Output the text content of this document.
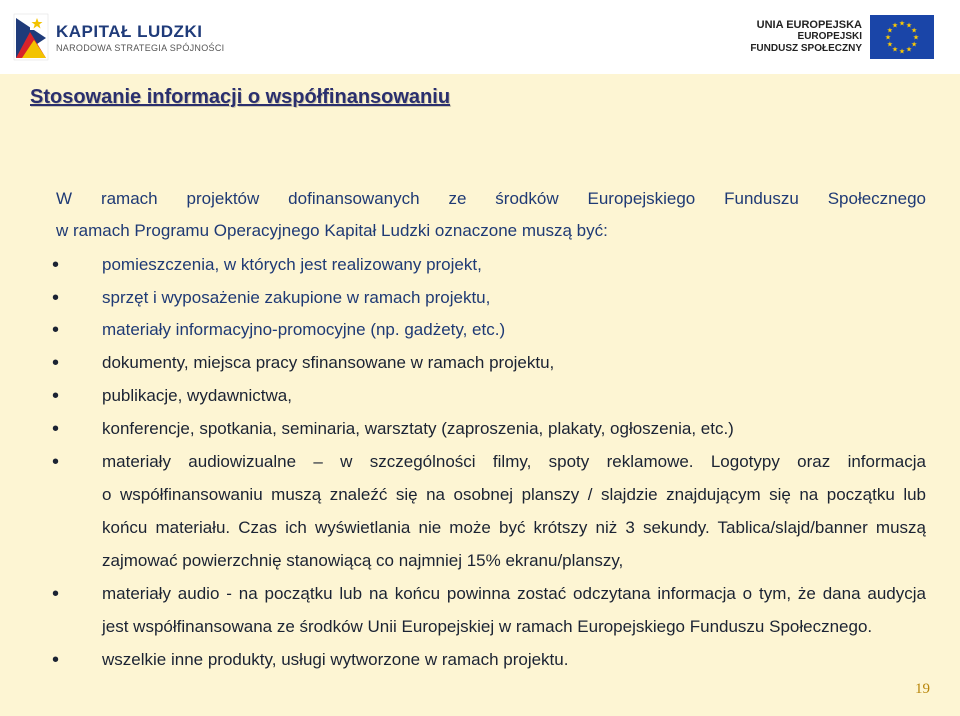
KAPITAŁ LUDZKI
NARODOWA STRATEGIA SPÓJNOŚCI
UNIA EUROPEJSKA
EUROPEJSKI
FUNDUSZ SPOŁECZNY
★ ★
★
★
★
★
★
★
★
★
★
★
Stosowanie informacji o współfinansowaniu
W ramach projektów dofinansowanych ze środków Europejskiego Funduszu Społecznego
w ramach Programu Operacyjnego Kapitał Ludzki oznaczone muszą być:
•	pomieszczenia, w których jest realizowany projekt,
•	sprzęt i wyposażenie zakupione w ramach projektu,
•	materiały informacyjno-promocyjne (np. gadżety, etc.)
•	dokumenty, miejsca pracy sfinansowane w ramach projektu,
•	publikacje, wydawnictwa,
•	konferencje, spotkania, seminaria, warsztaty (zaproszenia, plakaty, ogłoszenia, etc.)
•	materiały audiowizualne – w szczególności filmy, spoty reklamowe. Logotypy oraz informacja
o współfinansowaniu muszą znaleźć się na osobnej planszy / slajdzie znajdującym się na początku lub
końcu materiału. Czas ich wyświetlania nie może być krótszy niż 3 sekundy. Tablica/slajd/banner muszą
zajmować powierzchnię stanowiącą co najmniej 15% ekranu/planszy,
•	materiały audio - na początku lub na końcu powinna zostać odczytana informacja o tym, że dana audycja
jest współfinansowana ze środków Unii Europejskiej w ramach Europejskiego Funduszu Społecznego.
•	wszelkie inne produkty, usługi wytworzone w ramach projektu.
19
